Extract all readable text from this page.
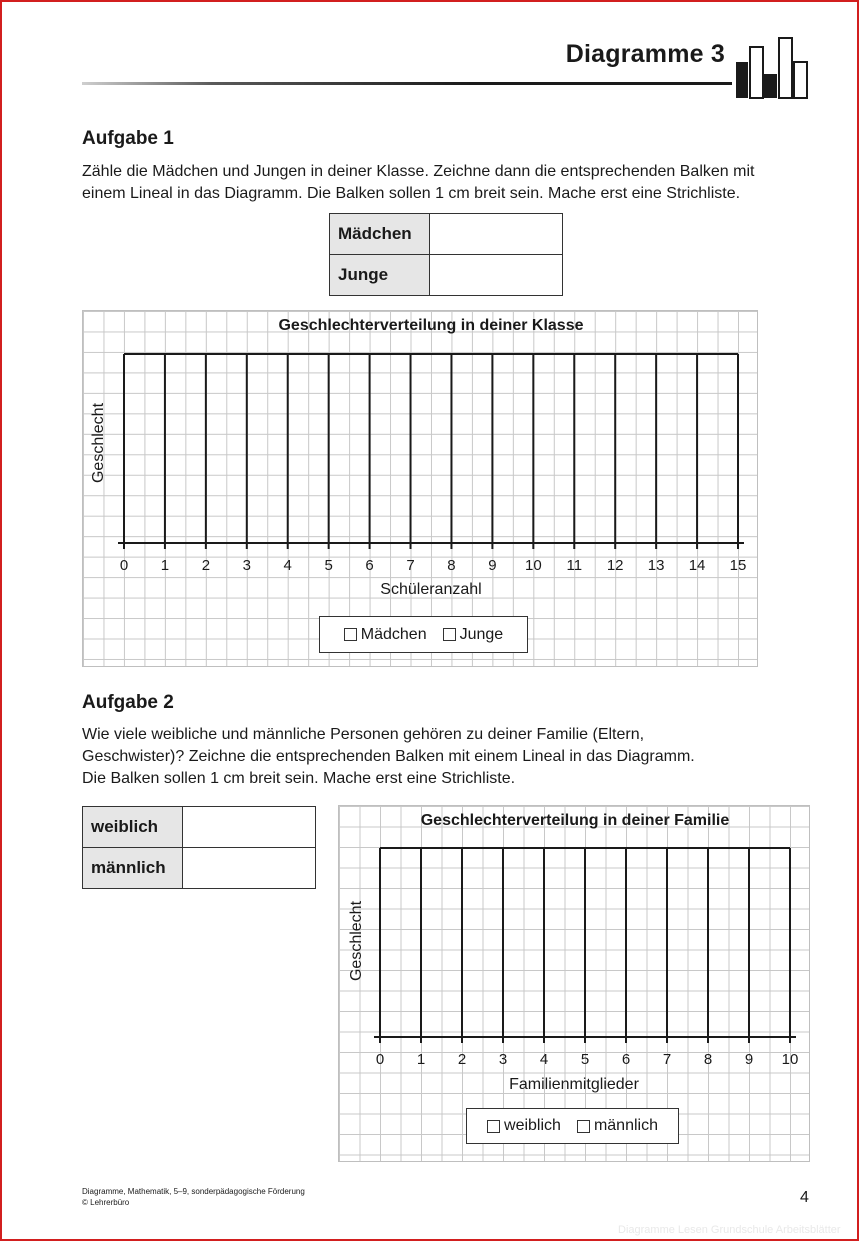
Diagramme 3
Aufgabe 1

Zähle die Mädchen und Jungen in deiner Klasse. Zeichne dann die entsprechenden Balken mit
einem Lineal in das Diagramm. Die Balken sollen 1 cm breit sein. Mache erst eine Strichliste.

Mädchen	
Junge	
Geschlechterverteilung in deiner Klasse
Geschlecht
Schüleranzahl
0 1 2 3 4 5 6 7 8 9 10 11 12 13 14 15
Mädchen Junge
Aufgabe 2

Wie viele weibliche und männliche Personen gehören zu deiner Familie (Eltern,
Geschwister)? Zeichne die entsprechenden Balken mit einem Lineal in das Diagramm.
Die Balken sollen 1 cm breit sein. Mache erst eine Strichliste.

weiblich	
männlich	
Geschlechterverteilung in deiner Familie
Geschlecht
Familienmitglieder
0 1 2 3 4 5 6 7 8 9 10
weiblich männlich
Diagramme, Mathematik, 5–9, sonderpädagogische Förderung
© Lehrerbüro	4
Diagramme Lesen Grundschule Arbeitsblätter
